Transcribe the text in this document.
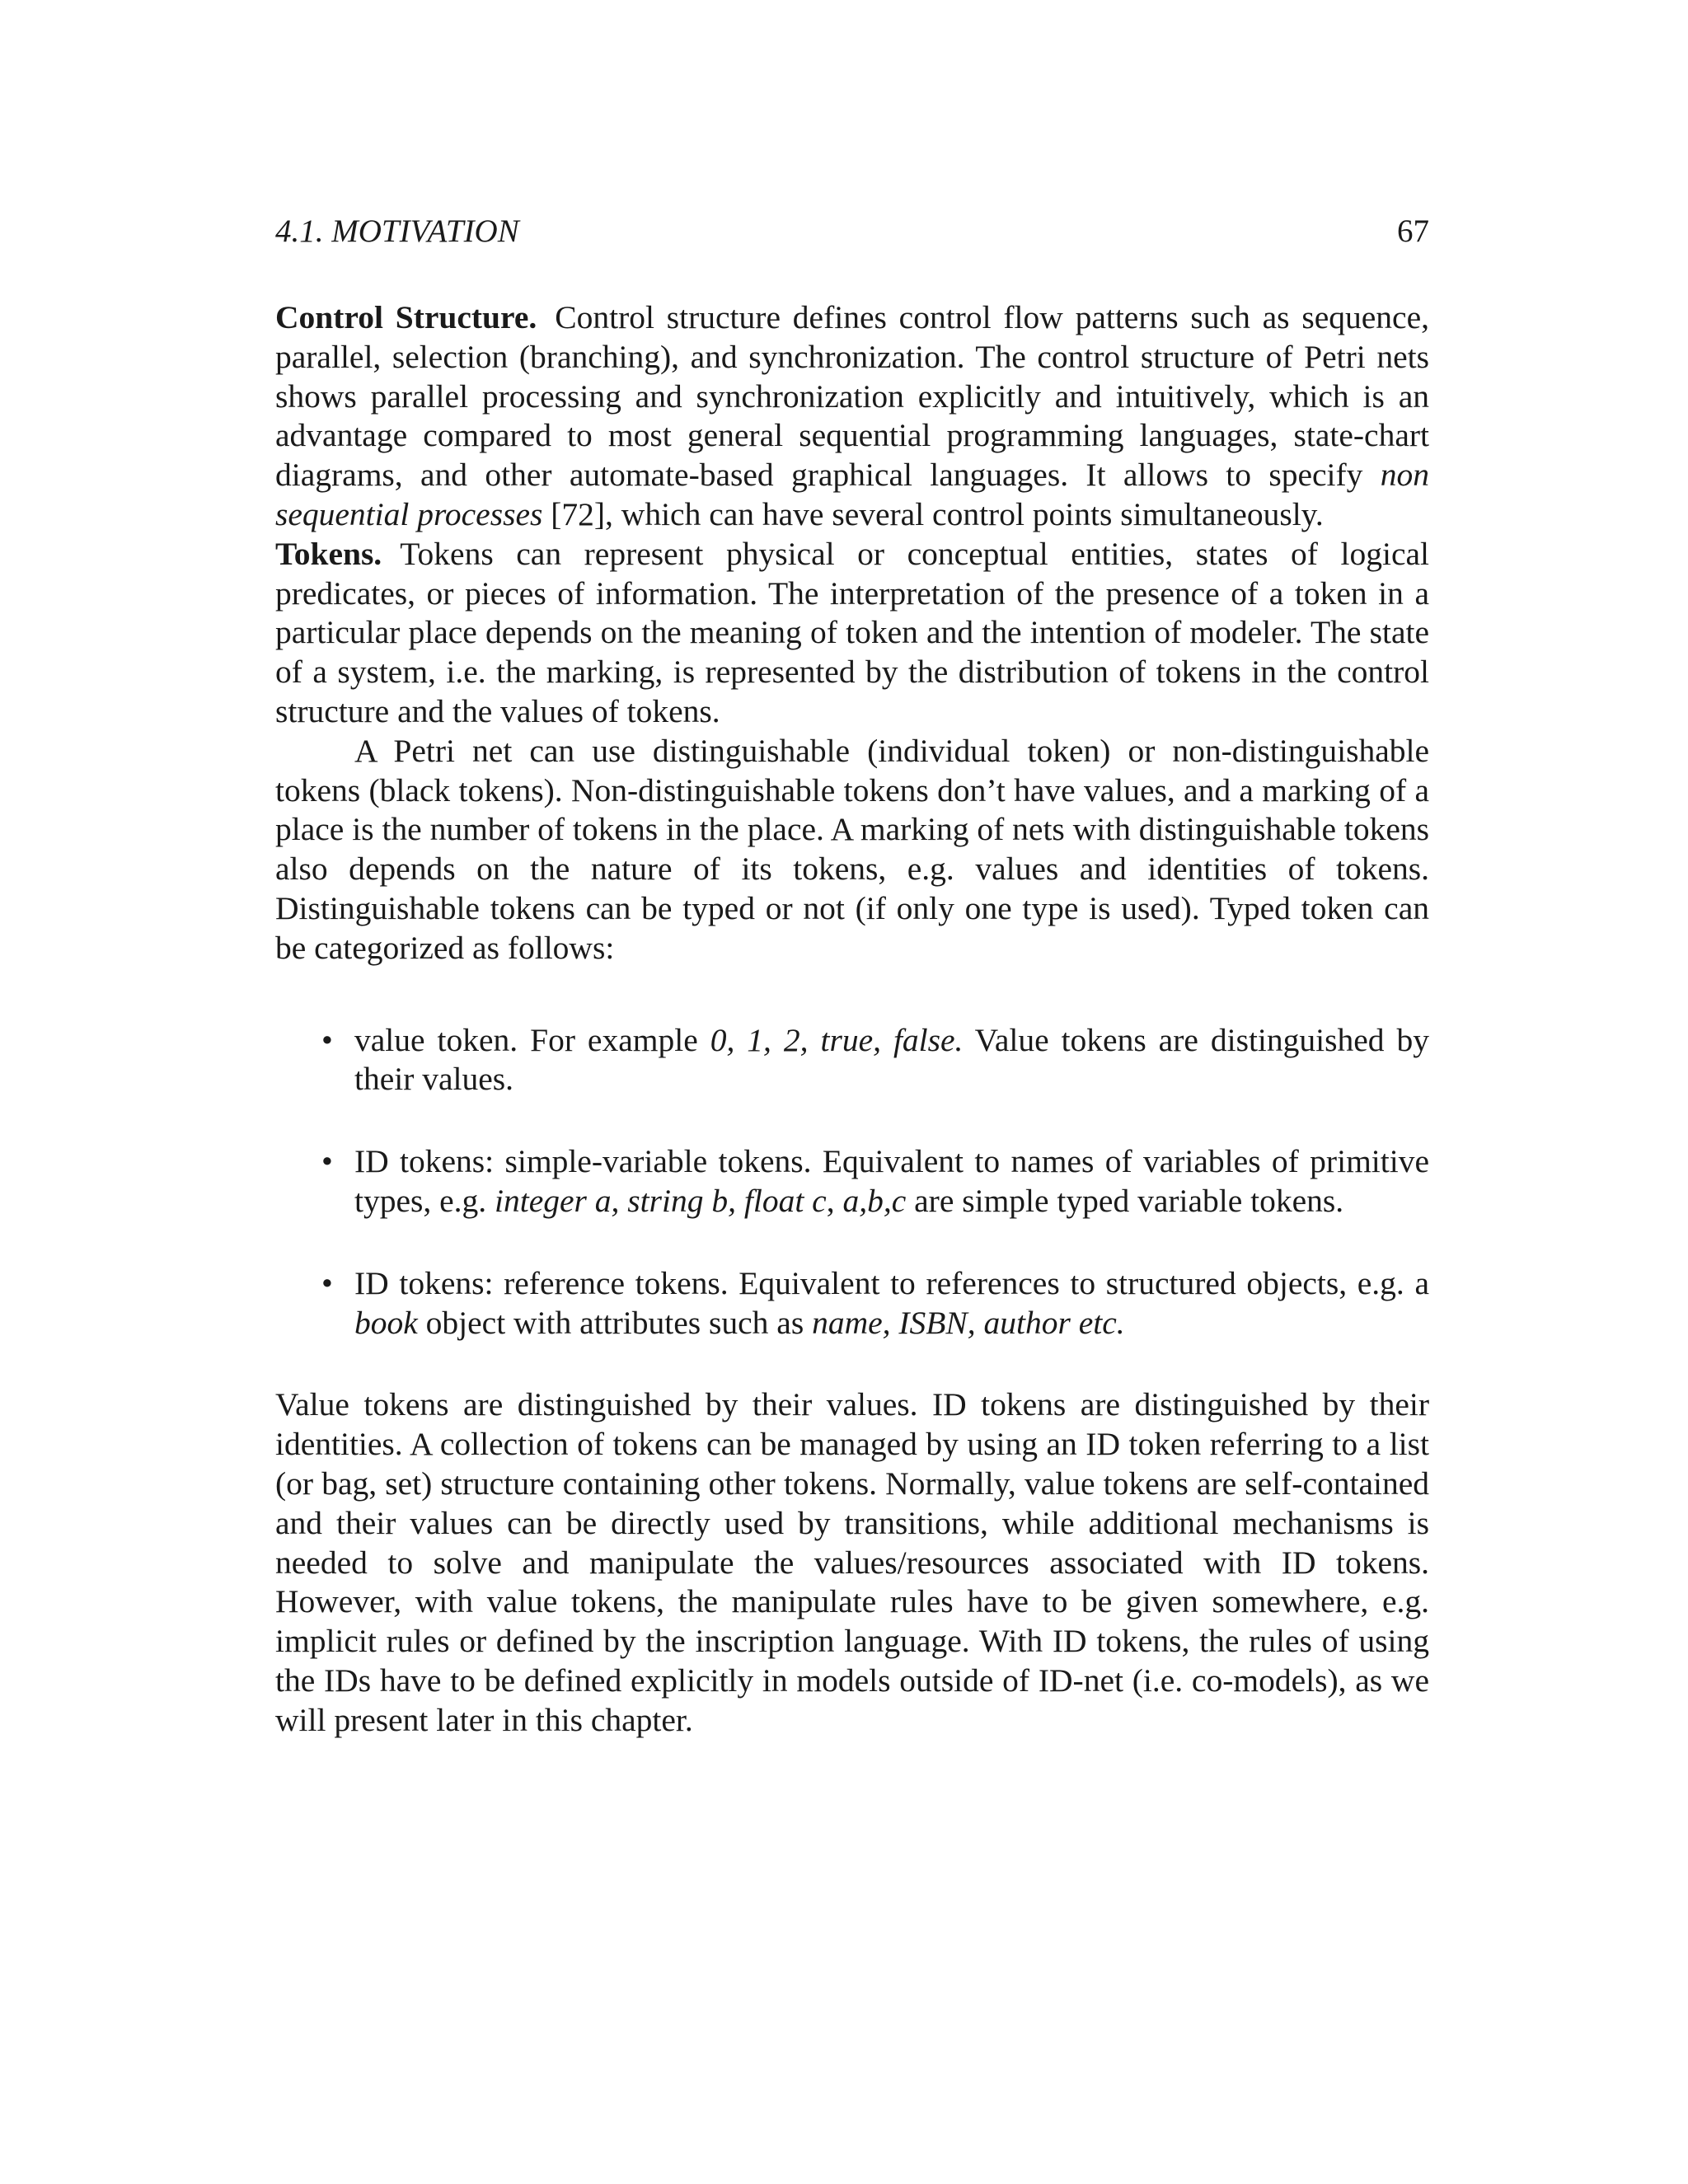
4.1. MOTIVATION	67

Control Structure. Control structure defines control flow patterns such as sequence, parallel, selection (branching), and synchronization. The control structure of Petri nets shows parallel processing and synchronization explicitly and intuitively, which is an advantage compared to most general sequential programming languages, state-chart diagrams, and other automate-based graphical languages. It allows to specify non sequential processes [72], which can have several control points simultaneously.

Tokens. Tokens can represent physical or conceptual entities, states of logical predicates, or pieces of information. The interpretation of the presence of a token in a particular place depends on the meaning of token and the intention of modeler. The state of a system, i.e. the marking, is represented by the distribution of tokens in the control structure and the values of tokens.

A Petri net can use distinguishable (individual token) or non-distinguishable tokens (black tokens). Non-distinguishable tokens don’t have values, and a marking of a place is the number of tokens in the place. A marking of nets with distinguishable tokens also depends on the nature of its tokens, e.g. values and identities of tokens. Distinguishable tokens can be typed or not (if only one type is used). Typed token can be categorized as follows:

• value token. For example 0, 1, 2, true, false. Value tokens are distinguished by their values.
• ID tokens: simple-variable tokens. Equivalent to names of variables of primitive types, e.g. integer a, string b, float c, a,b,c are simple typed variable tokens.
• ID tokens: reference tokens. Equivalent to references to structured objects, e.g. a book object with attributes such as name, ISBN, author etc.

Value tokens are distinguished by their values. ID tokens are distinguished by their identities. A collection of tokens can be managed by using an ID token referring to a list (or bag, set) structure containing other tokens. Normally, value tokens are self-contained and their values can be directly used by transitions, while additional mechanisms is needed to solve and manipulate the values/resources associated with ID tokens. However, with value tokens, the manipulate rules have to be given somewhere, e.g. implicit rules or defined by the inscription language. With ID tokens, the rules of using the IDs have to be defined explicitly in models outside of ID-net (i.e. co-models), as we will present later in this chapter.
